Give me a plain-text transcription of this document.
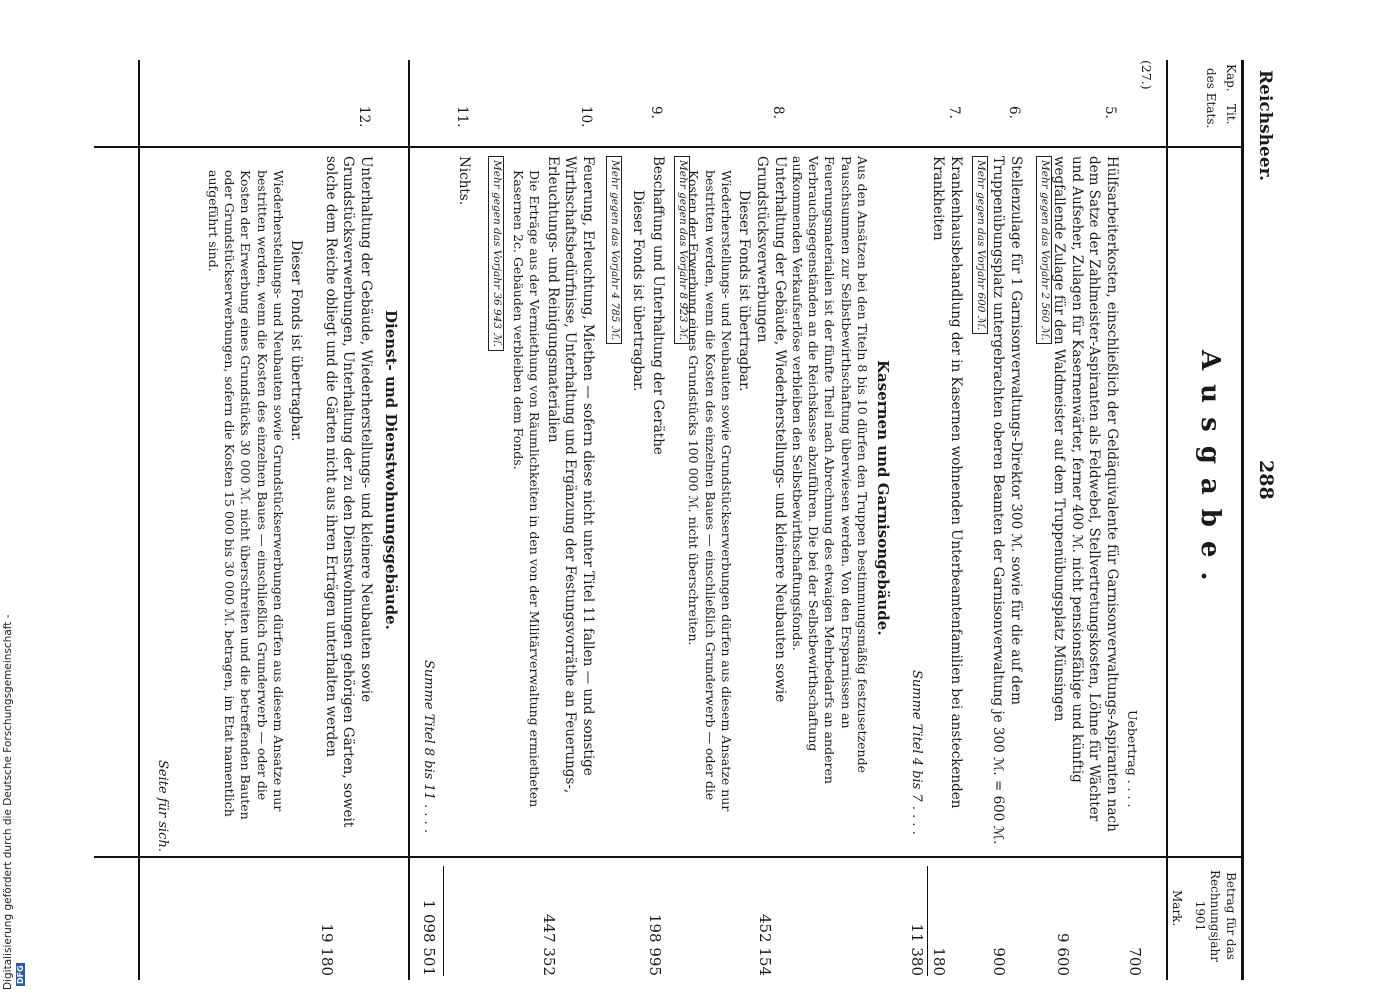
Reichsheer.
288
Kap.
Tit.
des Etats.
Betrag für das Rechnungsjahr 1901
Mark.
Ausgabe.
(27.)
Uebertrag . . . .
700
5.
Hülfsarbeiterkosten, einschließlich der Geldäquivalente für Garnisonverwaltungs-Aspiranten nach dem Satze der Zahlmeister-Aspiranten als Feldwebel, Stellvertretungskosten, Löhne für Wächter und Aufseher, Zulagen für Kasernenwärter, ferner 400 ℳ. nicht pensionsfähige und künftig wegfallende Zulage für den Waldmeister auf dem Truppenübungsplatz Münsingen
Mehr gegen das Vorjahr 2 560 ℳ.
9 600
6.
Stellenzulage für 1 Garnisonverwaltungs-Direktor 300 ℳ. sowie für die auf dem Truppenübungsplatz untergebrachten oberen Beamten der Garnisonverwaltung je 300 ℳ. = 600 ℳ.
Mehr gegen das Vorjahr 600 ℳ.
900
7.
Krankenhausbehandlung der in Kasernen wohnenden Unterbeamtenfamilien bei ansteckenden Krankheiten
180
Summe Titel 4 bis 7 . . . .
11 380
Kasernen und Garnisongebäude.
Aus den Ansätzen bei den Titeln 8 bis 10 dürfen den Truppen bestimmungsmäßig festzusetzende Pauschsummen zur Selbstbewirthschaftung überwiesen werden. Von den Ersparnissen an Feuerungsmaterialien ist der fünfte Theil nach Abrechnung des etwaigen Mehrbedarfs an anderen Verbrauchsgegenständen an die Reichskasse abzuführen. Die bei der Selbstbewirthschaftung aufkommenden Verkaufserlöse verbleiben den Selbstbewirthschaftungsfonds.
8.
Unterhaltung der Gebäude, Wiederherstellungs- und kleinere Neubauten sowie Grundstücksverwerbungen
Dieser Fonds ist übertragbar.
Wiederherstellungs- und Neubauten sowie Grundstückserwerbungen dürfen aus diesem Ansatze nur bestritten werden, wenn die Kosten des einzelnen Baues — einschließlich Grunderwerb — oder die Kosten der Erwerbung eines Grundstücks 100 000 ℳ. nicht überschreiten.
Mehr gegen das Vorjahr 8 923 ℳ.
452 154
9.
Beschaffung und Unterhaltung der Geräthe
Dieser Fonds ist übertragbar.
Mehr gegen das Vorjahr 4 785 ℳ.
198 995
10.
Feuerung, Erleuchtung, Miethen — sofern diese nicht unter Titel 11 fallen — und sonstige Wirthschaftsbedürfnisse, Unterhaltung und Ergänzung der Festungsvorräthe an Feuerungs-, Erleuchtungs- und Reinigungsmaterialien
Die Erträge aus der Vermiethung von Räumlichkeiten in den von der Militärverwaltung ermietheten Kasernen 2c. Gebäuden verbleiben dem Fonds.
Mehr gegen das Vorjahr 36 943 ℳ.
447 352
11.
Nichts.
Summe Titel 8 bis 11 . . . .
1 098 501
Dienst- und Dienstwohnungsgebäude.
12.
Unterhaltung der Gebäude, Wiederherstellungs- und kleinere Neubauten sowie Grundstücksverwerbungen, Unterhaltung der zu den Dienstwohnungen gehörigen Gärten, soweit solche dem Reiche obliegt und die Gärten nicht aus ihren Erträgen unterhalten werden
Dieser Fonds ist übertragbar.
Wiederherstellungs- und Neubauten sowie Grundstückserwerbungen dürfen aus diesem Ansatze nur bestritten werden, wenn die Kosten des einzelnen Baues — einschließlich Grunderwerb — oder die Kosten der Erwerbung eines Grundstücks 30 000 ℳ. nicht überschreiten und die betreffenden Bauten oder Grundstückserwerbungen, sofern die Kosten 15 000 bis 30 000 ℳ. betragen, im Etat namentlich aufgeführt sind.
19 180
Seite für sich.
Digitalisierung gefördert durch die Deutsche Forschungsgemeinschaft - DFG
